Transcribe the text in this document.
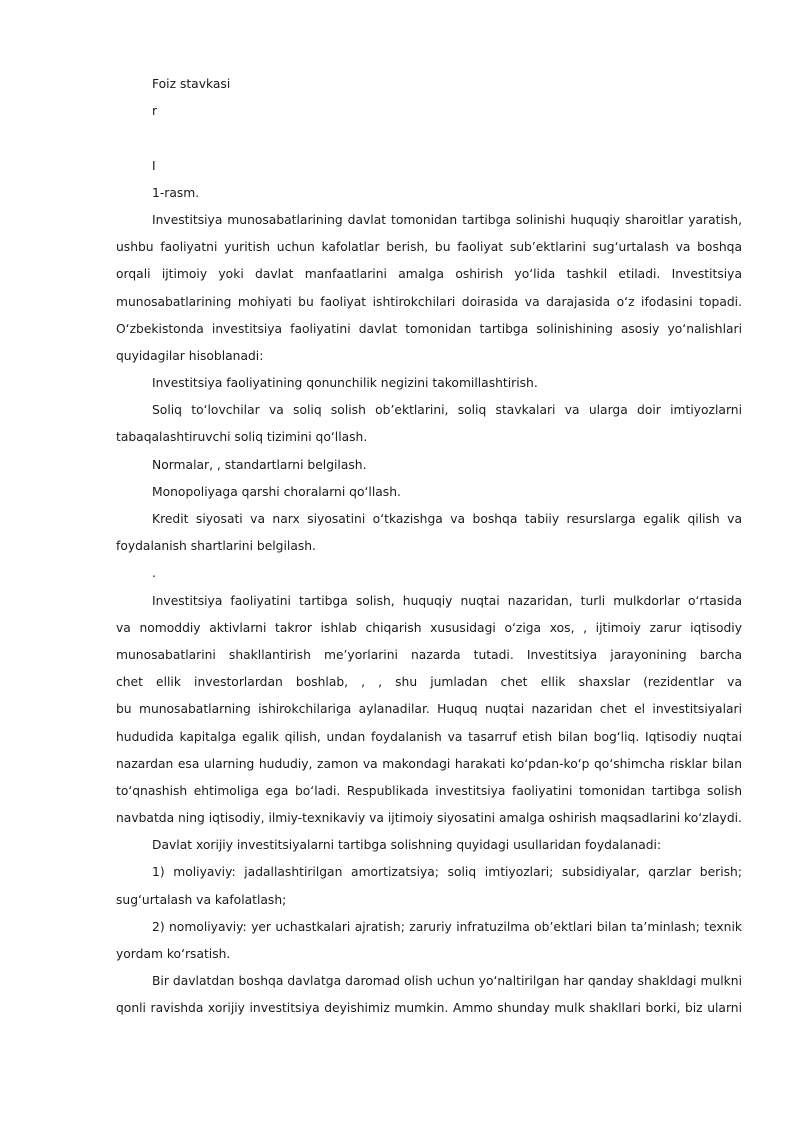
Foiz stavkasi

r

I

1-rasm.

Investitsiya munosabatlarining davlat tomonidan tartibga solinishi huquqiy sharoitlar yaratish,

ushbu faoliyatni yuritish uchun kafolatlar berish, bu faoliyat sub’ektlarini sug‘urtalash va boshqa

orqali ijtimoiy yoki davlat manfaatlarini amalga oshirish yo‘lida tashkil etiladi. Investitsiya

munosabatlarining mohiyati bu faoliyat ishtirokchilari doirasida va darajasida o‘z ifodasini topadi.

O‘zbekistonda investitsiya faoliyatini davlat tomonidan tartibga solinishining asosiy yo‘nalishlari

quyidagilar hisoblanadi:

Investitsiya faoliyatining qonunchilik negizini takomillashtirish.

Soliq to‘lovchilar va soliq solish ob’ektlarini, soliq stavkalari va ularga doir imtiyozlarni

tabaqalashtiruvchi soliq tizimini qo‘llash.

Normalar, , standartlarni belgilash.

Monopoliyaga qarshi choralarni qo‘llash.

Kredit siyosati va narx siyosatini o‘tkazishga va boshqa tabiiy resurslarga egalik qilish va

foydalanish shartlarini belgilash.

.

Investitsiya faoliyatini tartibga solish, huquqiy nuqtai nazaridan, turli mulkdorlar o‘rtasida

va nomoddiy aktivlarni takror ishlab chiqarish xususidagi o‘ziga xos, , ijtimoiy zarur iqtisodiy

munosabatlarini shakllantirish me’yorlarini nazarda tutadi. Investitsiya jarayonining barcha

chet ellik investorlardan boshlab, , , shu jumladan chet ellik shaxslar (rezidentlar va

bu munosabatlarning ishirokchilariga aylanadilar. Huquq nuqtai nazaridan chet el investitsiyalari

hududida kapitalga egalik qilish, undan foydalanish va tasarruf etish bilan bog‘liq. Iqtisodiy nuqtai

nazardan esa ularning hududiy, zamon va makondagi harakati ko‘pdan-ko‘p qo‘shimcha risklar bilan

to‘qnashish ehtimoliga ega bo‘ladi. Respublikada investitsiya faoliyatini tomonidan tartibga solish

navbatda ning iqtisodiy, ilmiy-texnikaviy va ijtimoiy siyosatini amalga oshirish maqsadlarini ko‘zlaydi.

Davlat xorijiy investitsiyalarni tartibga solishning quyidagi usullaridan foydalanadi:

1) moliyaviy: jadallashtirilgan amortizatsiya; soliq imtiyozlari; subsidiyalar, qarzlar berish;

sug‘urtalash va kafolatlash;

2) nomoliyaviy: yer uchastkalari ajratish; zaruriy infratuzilma ob’ektlari bilan ta’minlash; texnik

yordam ko‘rsatish.

Bir davlatdan boshqa davlatga daromad olish uchun yo‘naltirilgan har qanday shakldagi mulkni

qonli ravishda xorijiy investitsiya deyishimiz mumkin. Ammo shunday mulk shakllari borki, biz ularni
